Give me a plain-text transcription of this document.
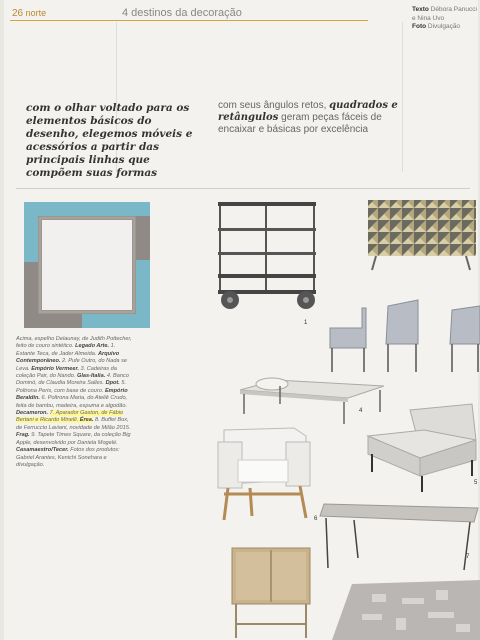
26 norte	4 destinos da decoração	Texto Débora Panucci e Nina Uvo
Foto Divulgação
com o olhar voltado para os elementos básicos do desenho, elegemos móveis e acessórios a partir das principais linhas que compõem suas formas
com seus ângulos retos, quadrados e retângulos geram peças fáceis de encaixar e básicas por excelência
Acima, espelho Delaunay, de Judith Pottecher, feito de couro sintético. Legado Arte. 1. Estante Teca, de Jader Almeida. Arquivo Contemporâneo. 2. Pufe Outro, do Nada se Leva. Empório Vermeer. 3. Cadeiras da coleção Pair, do Nando. Glas-Italia. 4. Banco Dominó, de Claudia Moreira Salles. Dpot. 5. Poltrona Peris, com base de couro. Empório Beraldin. 6. Poltrona Maria, do Ateliê Crudo, feita de bambu, madeira, espuma e algodão. Decameron. 7. Aparador Gaston, de Fábio Bertani e Ricardo Minelli. Érea. 8. Buffet Box, de Ferruccio Laviani, novidade de Milão 2015. Frag. 9. Tapete Times Square, da coleção Big Apple, desenvolvido por Daniela Mogelé. Casamaestro/Tecer. Fotos dos produtos: Gabriel Arantes, Kenichi Sonehara e divulgação.
1
4
6
5
7
